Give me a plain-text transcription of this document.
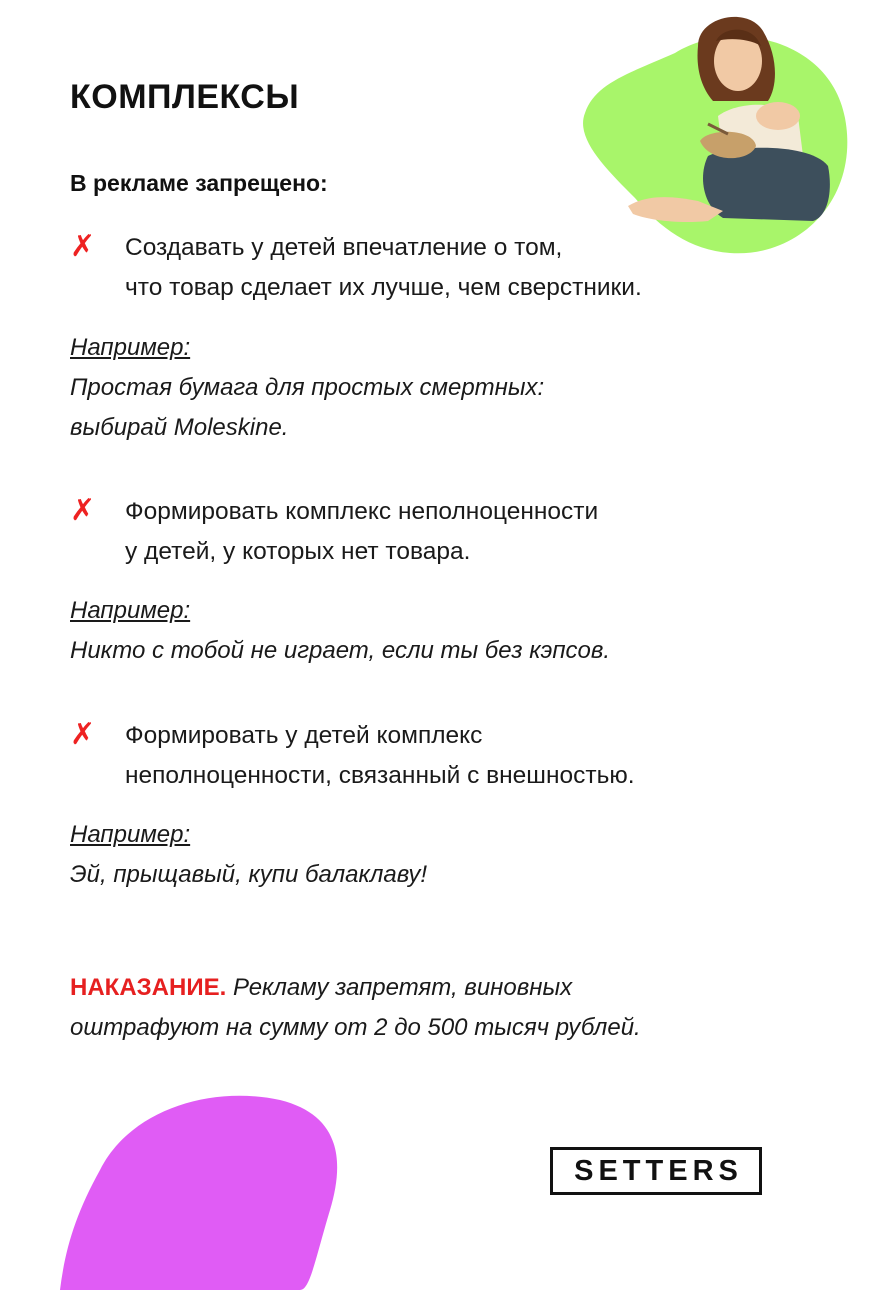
КОМПЛЕКСЫ
В рекламе запрещено:
✗ Создавать у детей впечатление о том,
что товар сделает их лучше, чем сверстники.
Например:
Простая бумага для простых смертных:
выбирай Moleskine.
✗ Формировать комплекс неполноценности
у детей, у которых нет товара.
Например:
Никто с тобой не играет, если ты без кэпсов.
✗ Формировать у детей комплекс
неполноценности, связанный с внешностью.
Например:
Эй, прыщавый, купи балаклаву!
НАКАЗАНИЕ. Рекламу запретят, виновных
оштрафуют на сумму от 2 до 500 тысяч рублей.
SETTERS
